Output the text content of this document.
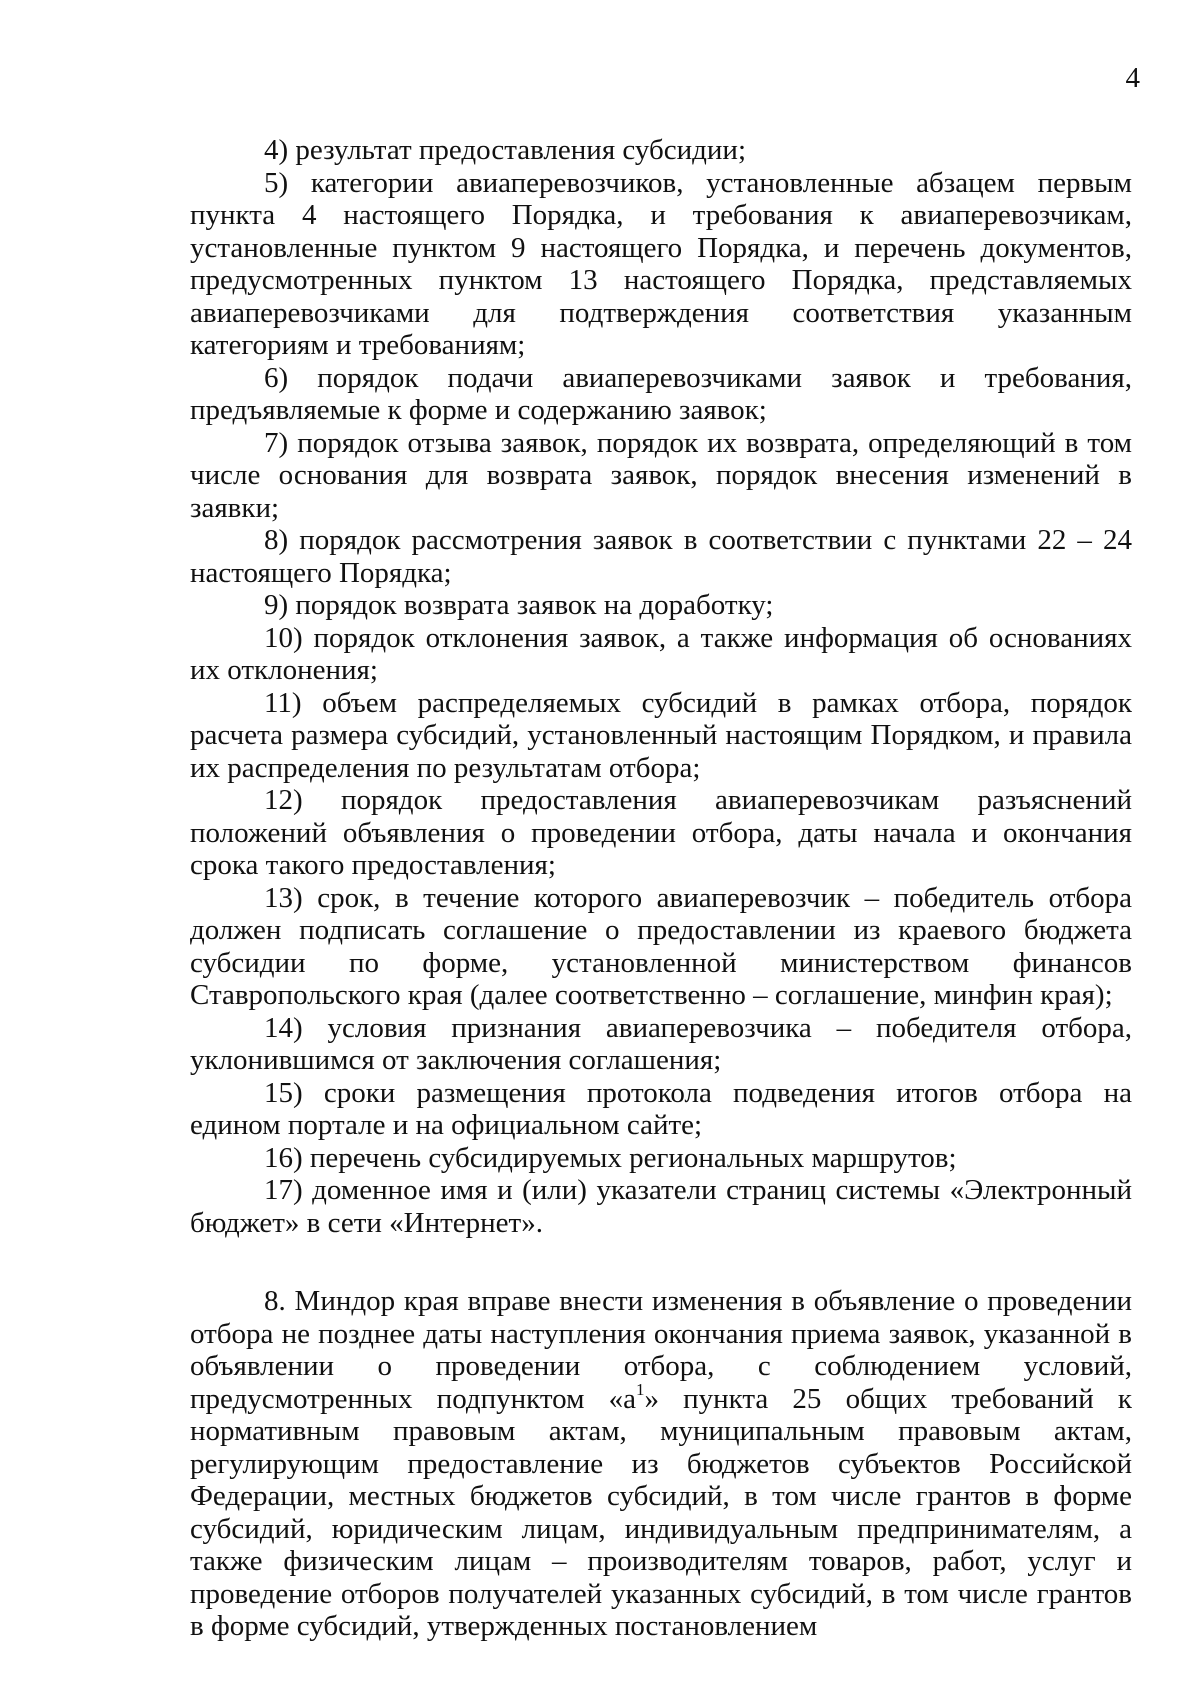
4

4) результат предоставления субсидии;

5) категории авиаперевозчиков, установленные абзацем первым пункта 4 настоящего Порядка, и требования к авиаперевозчикам, установленные пунктом 9 настоящего Порядка, и перечень документов, предусмотренных пунктом 13 настоящего Порядка, представляемых авиаперевозчиками для подтверждения соответствия указанным категориям и требованиям;

6) порядок подачи авиаперевозчиками заявок и требования, предъявляемые к форме и содержанию заявок;

7) порядок отзыва заявок, порядок их возврата, определяющий в том числе основания для возврата заявок, порядок внесения изменений в заявки;

8) порядок рассмотрения заявок в соответствии с пунктами 22 – 24 настоящего Порядка;

9) порядок возврата заявок на доработку;

10) порядок отклонения заявок, а также информация об основаниях их отклонения;

11) объем распределяемых субсидий в рамках отбора, порядок расчета размера субсидий, установленный настоящим Порядком, и правила их распределения по результатам отбора;

12) порядок предоставления авиаперевозчикам разъяснений положений объявления о проведении отбора, даты начала и окончания срока такого предоставления;

13) срок, в течение которого авиаперевозчик – победитель отбора должен подписать соглашение о предоставлении из краевого бюджета субсидии по форме, установленной министерством финансов Ставропольского края (далее соответственно – соглашение, минфин края);

14) условия признания авиаперевозчика – победителя отбора, уклонившимся от заключения соглашения;

15) сроки размещения протокола подведения итогов отбора на едином портале и на официальном сайте;

16) перечень субсидируемых региональных маршрутов;

17) доменное имя и (или) указатели страниц системы «Электронный бюджет» в сети «Интернет».

8. Миндор края вправе внести изменения в объявление о проведении отбора не позднее даты наступления окончания приема заявок, указанной в объявлении о проведении отбора, с соблюдением условий, предусмотренных подпунктом «$а^1$» пункта 25 общих требований к нормативным правовым актам, муниципальным правовым актам, регулирующим предоставление из бюджетов субъектов Российской Федерации, местных бюджетов субсидий, в том числе грантов в форме субсидий, юридическим лицам, индивидуальным предпринимателям, а также физическим лицам – производителям товаров, работ, услуг и проведение отборов получателей указанных субсидий, в том числе грантов в форме субсидий, утвержденных постановлением
